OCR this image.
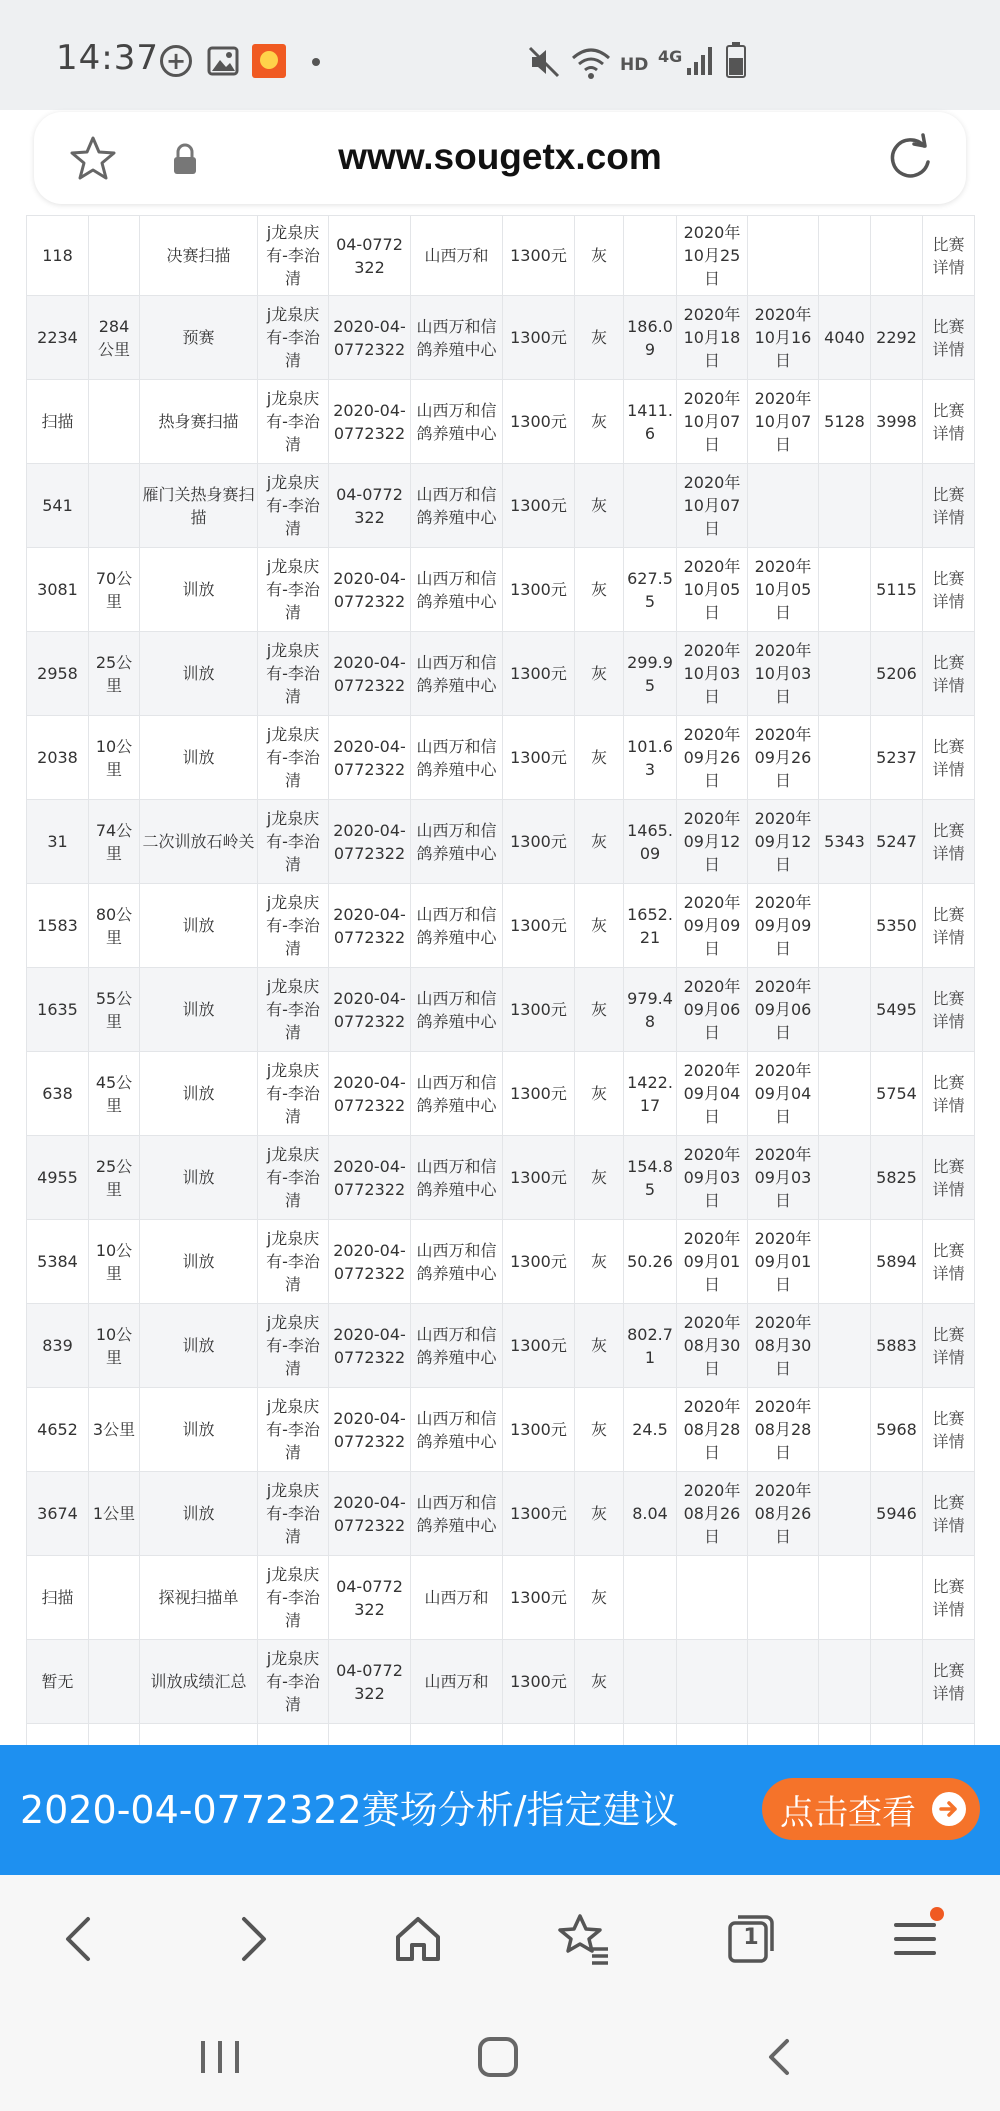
14:37 +	HD 4G
www.sougetx.com
118		决赛扫描	j龙泉庆有-李治清	04-0772322	山西万和	1300元	灰		2020年10月25日				比赛详情
2234	284公里	预赛	j龙泉庆有-李治清	2020-04-0772322	山西万和信鸽养殖中心	1300元	灰	186.09	2020年10月18日	2020年10月16日	4040	2292	比赛详情
扫描		热身赛扫描	j龙泉庆有-李治清	2020-04-0772322	山西万和信鸽养殖中心	1300元	灰	1411.6	2020年10月07日	2020年10月07日	5128	3998	比赛详情
541		雁门关热身赛扫描	j龙泉庆有-李治清	04-0772322	山西万和信鸽养殖中心	1300元	灰		2020年10月07日				比赛详情
3081	70公里	训放	j龙泉庆有-李治清	2020-04-0772322	山西万和信鸽养殖中心	1300元	灰	627.55	2020年10月05日	2020年10月05日		5115	比赛详情
2958	25公里	训放	j龙泉庆有-李治清	2020-04-0772322	山西万和信鸽养殖中心	1300元	灰	299.95	2020年10月03日	2020年10月03日		5206	比赛详情
2038	10公里	训放	j龙泉庆有-李治清	2020-04-0772322	山西万和信鸽养殖中心	1300元	灰	101.63	2020年09月26日	2020年09月26日		5237	比赛详情
31	74公里	二次训放石岭关	j龙泉庆有-李治清	2020-04-0772322	山西万和信鸽养殖中心	1300元	灰	1465.09	2020年09月12日	2020年09月12日	5343	5247	比赛详情
1583	80公里	训放	j龙泉庆有-李治清	2020-04-0772322	山西万和信鸽养殖中心	1300元	灰	1652.21	2020年09月09日	2020年09月09日		5350	比赛详情
1635	55公里	训放	j龙泉庆有-李治清	2020-04-0772322	山西万和信鸽养殖中心	1300元	灰	979.48	2020年09月06日	2020年09月06日		5495	比赛详情
638	45公里	训放	j龙泉庆有-李治清	2020-04-0772322	山西万和信鸽养殖中心	1300元	灰	1422.17	2020年09月04日	2020年09月04日		5754	比赛详情
4955	25公里	训放	j龙泉庆有-李治清	2020-04-0772322	山西万和信鸽养殖中心	1300元	灰	154.85	2020年09月03日	2020年09月03日		5825	比赛详情
5384	10公里	训放	j龙泉庆有-李治清	2020-04-0772322	山西万和信鸽养殖中心	1300元	灰	50.26	2020年09月01日	2020年09月01日		5894	比赛详情
839	10公里	训放	j龙泉庆有-李治清	2020-04-0772322	山西万和信鸽养殖中心	1300元	灰	802.71	2020年08月30日	2020年08月30日		5883	比赛详情
4652	3公里	训放	j龙泉庆有-李治清	2020-04-0772322	山西万和信鸽养殖中心	1300元	灰	24.5	2020年08月28日	2020年08月28日		5968	比赛详情
3674	1公里	训放	j龙泉庆有-李治清	2020-04-0772322	山西万和信鸽养殖中心	1300元	灰	8.04	2020年08月26日	2020年08月26日		5946	比赛详情
扫描		探视扫描单	j龙泉庆有-李治清	04-0772322	山西万和	1300元	灰						比赛详情
暂无		训放成绩汇总	j龙泉庆有-李治清	04-0772322	山西万和	1300元	灰						比赛详情

2020-04-0772322赛场分析/指定建议	点击查看
1
